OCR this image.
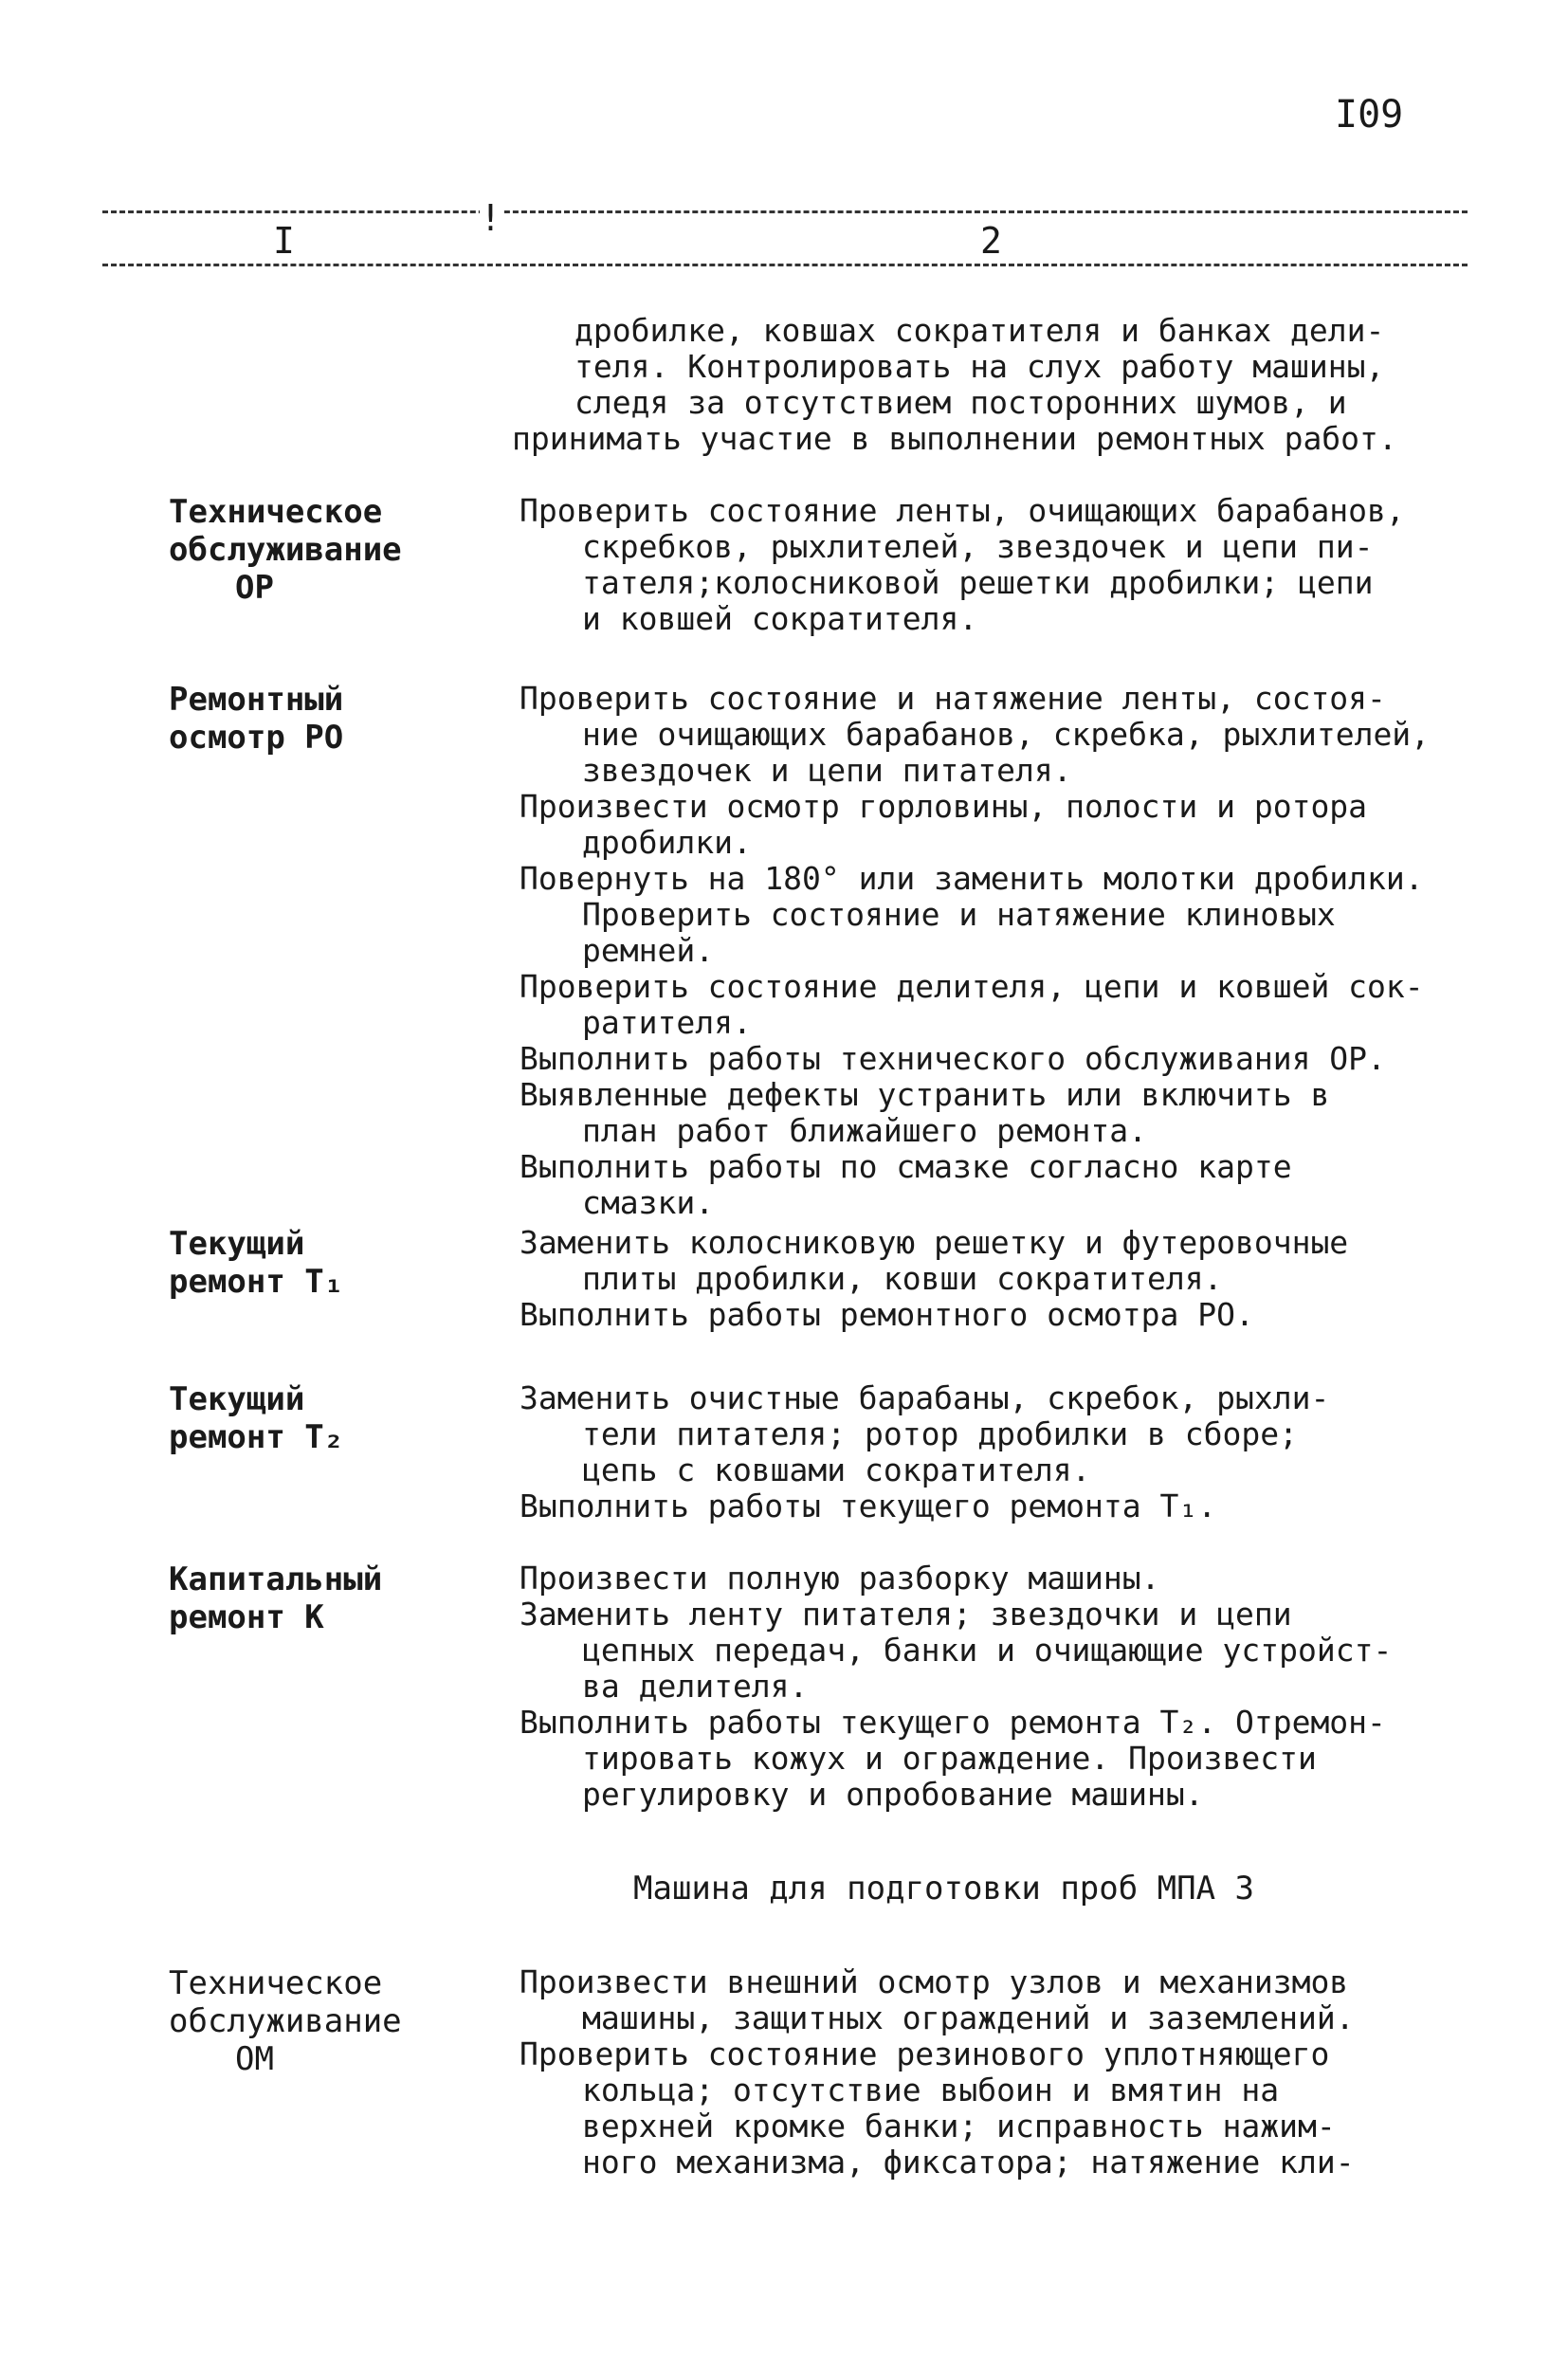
I09
I
!
2

дробилке, ковшах сократителя и банках дели-

теля. Контролировать на слух работу машины,

следя за отсутствием посторонних шумов, и

принимать участие в выполнении ремонтных работ.

Техническое
обслуживание
ОР

Проверить состояние ленты, очищающих барабанов,

скребков, рыхлителей, звездочек и цепи пи-

тателя;колосниковой решетки дробилки; цепи

и ковшей сократителя.

Ремонтный
осмотр РО

Проверить состояние и натяжение ленты, состоя-

ние очищающих барабанов, скребка, рыхлителей,

звездочек и цепи питателя.

Произвести осмотр горловины, полости и ротора

дробилки.

Повернуть на 180° или заменить молотки дробилки.

Проверить состояние и натяжение клиновых

ремней.

Проверить состояние делителя, цепи и ковшей сок-

ратителя.

Выполнить работы технического обслуживания ОР.

Выявленные дефекты устранить или включить в

план работ ближайшего ремонта.

Выполнить работы по смазке согласно карте

смазки.

Текущий
ремонт T₁

Заменить колосниковую решетку и футеровочные

плиты дробилки, ковши сократителя.

Выполнить работы ремонтного осмотра РО.

Текущий
ремонт T₂

Заменить очистные барабаны, скребок, рыхли-

тели питателя; ротор дробилки в сборе;

цепь с ковшами сократителя.

Выполнить работы текущего ремонта T₁.

Капитальный
ремонт К

Произвести полную разборку машины.

Заменить ленту питателя; звездочки и цепи

цепных передач, банки и очищающие устройст-

ва делителя.

Выполнить работы текущего ремонта T₂. Отремон-

тировать кожух и ограждение. Произвести

регулировку и опробование машины.

Машина для подготовки проб МПА 3
Техническое
обслуживание
ОМ

Произвести внешний осмотр узлов и механизмов

машины, защитных ограждений и заземлений.

Проверить состояние резинового уплотняющего

кольца; отсутствие выбоин и вмятин на

верхней кромке банки; исправность нажим-

ного механизма, фиксатора; натяжение кли-
